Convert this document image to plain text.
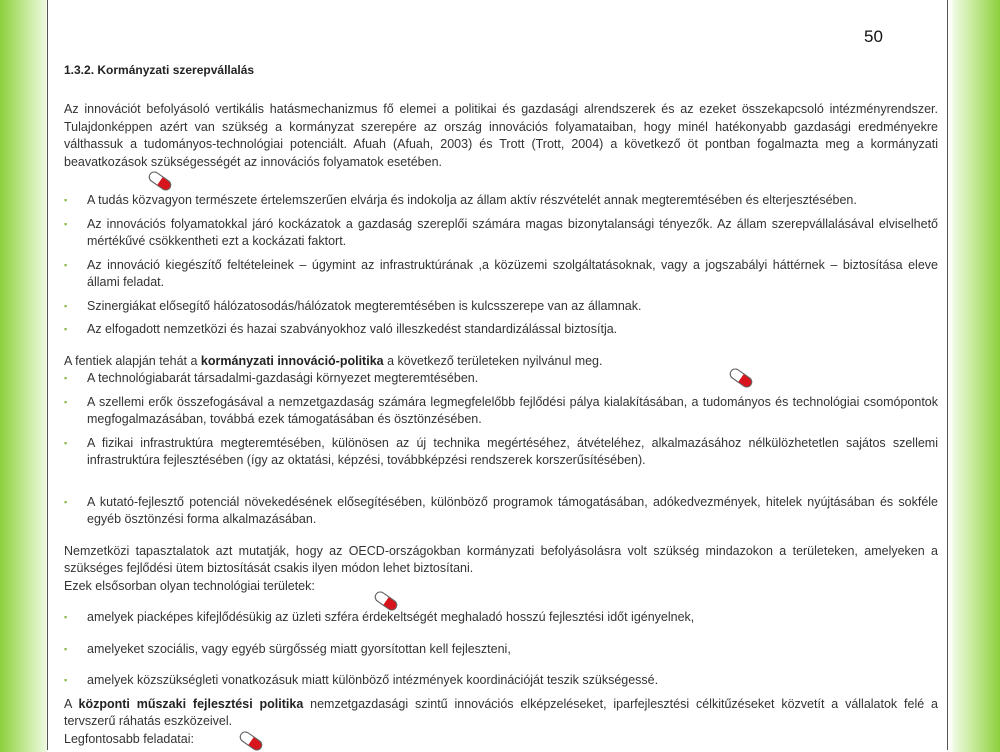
50
1.3.2. Kormányzati szerepvállalás

Az innovációt befolyásoló vertikális hatásmechanizmus fő elemei a politikai és gazdasági alrendszerek és az ezeket összekapcsoló intézményrendszer. Tulajdonképpen azért van szükség a kormányzat szerepére az ország innovációs folyamataiban, hogy minél hatékonyabb gazdasági eredményekre válthassuk a tudományos-technológiai potenciált. Afuah (Afuah, 2003) és Trott (Trott, 2004) a következő öt pontban fogalmazta meg a kormányzati beavatkozások szükségességét az innovációs folyamatok esetében.

▪ A tudás közvagyon természete értelemszerűen elvárja és indokolja az állam aktív részvételét annak megteremtésében és elterjesztésében.
▪ Az innovációs folyamatokkal járó kockázatok a gazdaság szereplői számára magas bizonytalansági tényezők. Az állam szerepvállalásával elviselhető mértékűvé csökkentheti ezt a kockázati faktort.
▪ Az innováció kiegészítő feltételeinek – úgymint az infrastruktúrának ,a közüzemi szolgáltatásoknak, vagy a jogszabályi háttérnek – biztosítása eleve állami feladat.
▪ Szinergiákat elősegítő hálózatosodás/hálózatok megteremtésében is kulcsszerepe van az államnak.
▪ Az elfogadott nemzetközi és hazai szabványokhoz való illeszkedést standardizálással biztosítja.

A fentiek alapján tehát a kormányzati innováció-politika a következő területeken nyilvánul meg.

▪ A technológiabarát társadalmi-gazdasági környezet megteremtésében.
▪ A szellemi erők összefogásával a nemzetgazdaság számára legmegfelelőbb fejlődési pálya kialakításában, a tudományos és technológiai csomópontok megfogalmazásában, továbbá ezek támogatásában és ösztönzésében.
▪ A fizikai infrastruktúra megteremtésében, különösen az új technika megértéséhez, átvételéhez, alkalmazásához nélkülözhetetlen sajátos szellemi infrastruktúra fejlesztésében (így az oktatási, képzési, továbbképzési rendszerek korszerűsítésében).
▪ A kutató-fejlesztő potenciál növekedésének elősegítésében, különböző programok támogatásában, adókedvezmények, hitelek nyújtásában és sokféle egyéb ösztönzési forma alkalmazásában.

Nemzetközi tapasztalatok azt mutatják, hogy az OECD-országokban kormányzati befolyásolásra volt szükség mindazokon a területeken, amelyeken a szükséges fejlődési ütem biztosítását csakis ilyen módon lehet biztosítani.

Ezek elsősorban olyan technológiai területek:

▪ amelyek piacképes kifejlődésükig az üzleti szféra érdekeltségét meghaladó hosszú fejlesztési időt igényelnek,
▪ amelyeket szociális, vagy egyéb sürgősség miatt gyorsítottan kell fejleszteni,
▪ amelyek közszükségleti vonatkozásuk miatt különböző intézmények koordinációját teszik szükségessé.

A központi műszaki fejlesztési politika nemzetgazdasági szintű innovációs elképzeléseket, iparfejlesztési célkitűzéseket közvetít a vállalatok felé a tervszerű ráhatás eszközeivel.

Legfontosabb feladatai:
